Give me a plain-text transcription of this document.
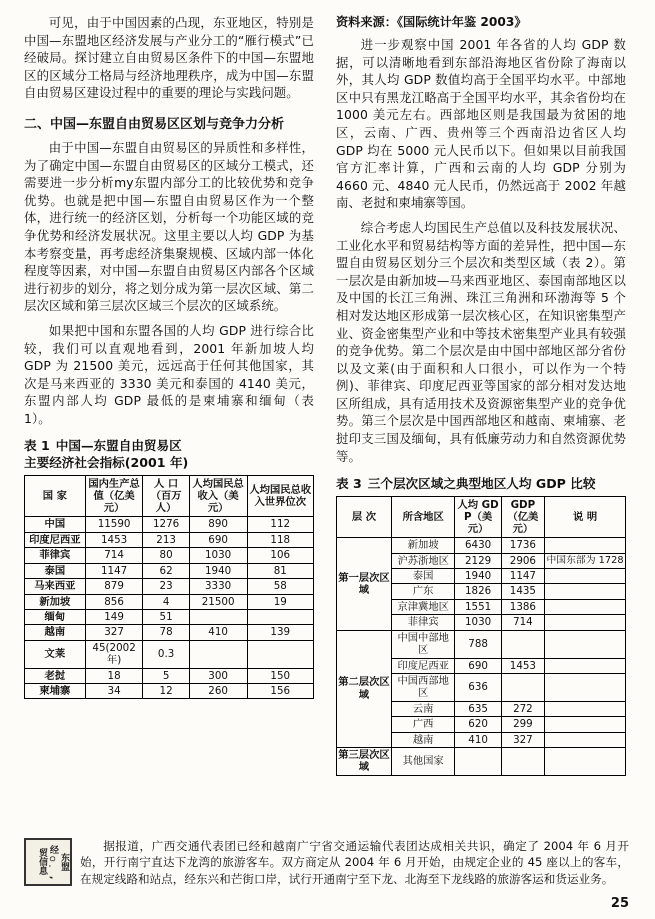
可见，由于中国因素的凸现，东亚地区，特别是中国—东盟地区经济发展与产业分工的“雁行模式”已经破局。探讨建立自由贸易区条件下的中国—东盟地区的区域分工格局与经济地理秩序，成为中国—东盟自由贸易区建设过程中的重要的理论与实践问题。

二、中国—东盟自由贸易区区划与竞争力分析

由于中国—东盟自由贸易区的异质性和多样性，为了确定中国—东盟自由贸易区的区域分工模式，还需要进一步分析my东盟内部分工的比较优势和竞争优势。也就是把中国—东盟自由贸易区作为一个整体，进行统一的经济区划，分析每一个功能区域的竞争优势和经济发展状况。这里主要以人均 GDP 为基本考察变量，再考虑经济集聚规模、区域内部一体化程度等因素，对中国—东盟自由贸易区内部各个区域进行初步的划分，将之划分成为第一层次区域、第二层次区域和第三层次区域三个层次的区域系统。

如果把中国和东盟各国的人均 GDP 进行综合比较，我们可以直观地看到，2001 年新加坡人均 GDP 为 21500 美元，远远高于任何其他国家，其次是马来西亚的 3330 美元和泰国的 4140 美元，东盟内部人均 GDP 最低的是柬埔寨和缅甸（表 1）。

表 1 中国—东盟自由贸易区
主要经济社会指标(2001 年)
国 家	国内生产总 值（亿美元）	人 口（百万人）	人均国民总收入（美元）	人均国民总收入世界位次
中国	11590	1276	890	112
印度尼西亚	1453	213	690	118
菲律宾	714	80	1030	106
泰国	1147	62	1940	81
马来西亚	879	23	3330	58
新加坡	856	4	21500	19
缅甸	149	51		
越南	327	78	410	139
文莱	45(2002 年)	0.3		
老挝	18	5	300	150
柬埔寨	34	12	260	156
资料来源：《国际统计年鉴 2003》

进一步观察中国 2001 年各省的人均 GDP 数据，可以清晰地看到东部沿海地区省份除了海南以外，其人均 GDP 数值均高于全国平均水平。中部地区中只有黑龙江略高于全国平均水平，其余省份均在 1000 美元左右。西部地区则是我国最为贫困的地区，云南、广西、贵州等三个西南沿边省区人均 GDP 均在 5000 元人民币以下。但如果以目前我国官方汇率计算，广西和云南的人均 GDP 分别为 4660 元、4840 元人民币，仍然远高于 2002 年越南、老挝和柬埔寨等国。

综合考虑人均国民生产总值以及科技发展状况、工业化水平和贸易结构等方面的差异性，把中国—东盟自由贸易区划分三个层次和类型区域（表 2）。第一层次是由新加坡—马来西亚地区、泰国南部地区以及中国的长江三角洲、珠江三角洲和环渤海等 5 个相对发达地区形成第一层次核心区，在知识密集型产业、资金密集型产业和中等技术密集型产业具有较强的竞争优势。第二个层次是由中国中部地区部分省份以及文莱(由于面积和人口很小，可以作为一个特例)、菲律宾、印度尼西亚等国家的部分相对发达地区所组成，具有适用技术及资源密集型产业的竞争优势。第三个层次是中国西部地区和越南、柬埔寨、老挝印支三国及缅甸，具有低廉劳动力和自然资源优势等。

表 3 三个层次区域之典型地区人均 GDP 比较
层 次	所含地区	人均 GDP（美元）	GDP（亿美元）	说 明
第一层次区域	新加坡	6430	1736	
	沪苏浙地区	2129	2906	中国东部为 1728
	泰国	1940	1147	
	广东	1826	1435	
	京津冀地区	1551	1386	
	菲律宾	1030	714	
第二层次区域	中国中部地区	788		
	印度尼西亚	690	1453	
	中国西部地区	636		
	云南	635	272	
	广西	620	299	
	越南	410	327	
第三层次区域	其他国家			
东盟经், 贸信息
据报道，广西交通代表团已经和越南广宁省交通运输代表团达成相关共识，确定了 2004 年 6 月开始，开行南宁直达下龙湾的旅游客车。双方商定从 2004 年 6 月开始，由规定企业的 45 座以上的客车，在规定线路和站点，经东兴和芒街口岸，试行开通南宁至下龙、北海至下龙线路的旅游客运和货运业务。
25
